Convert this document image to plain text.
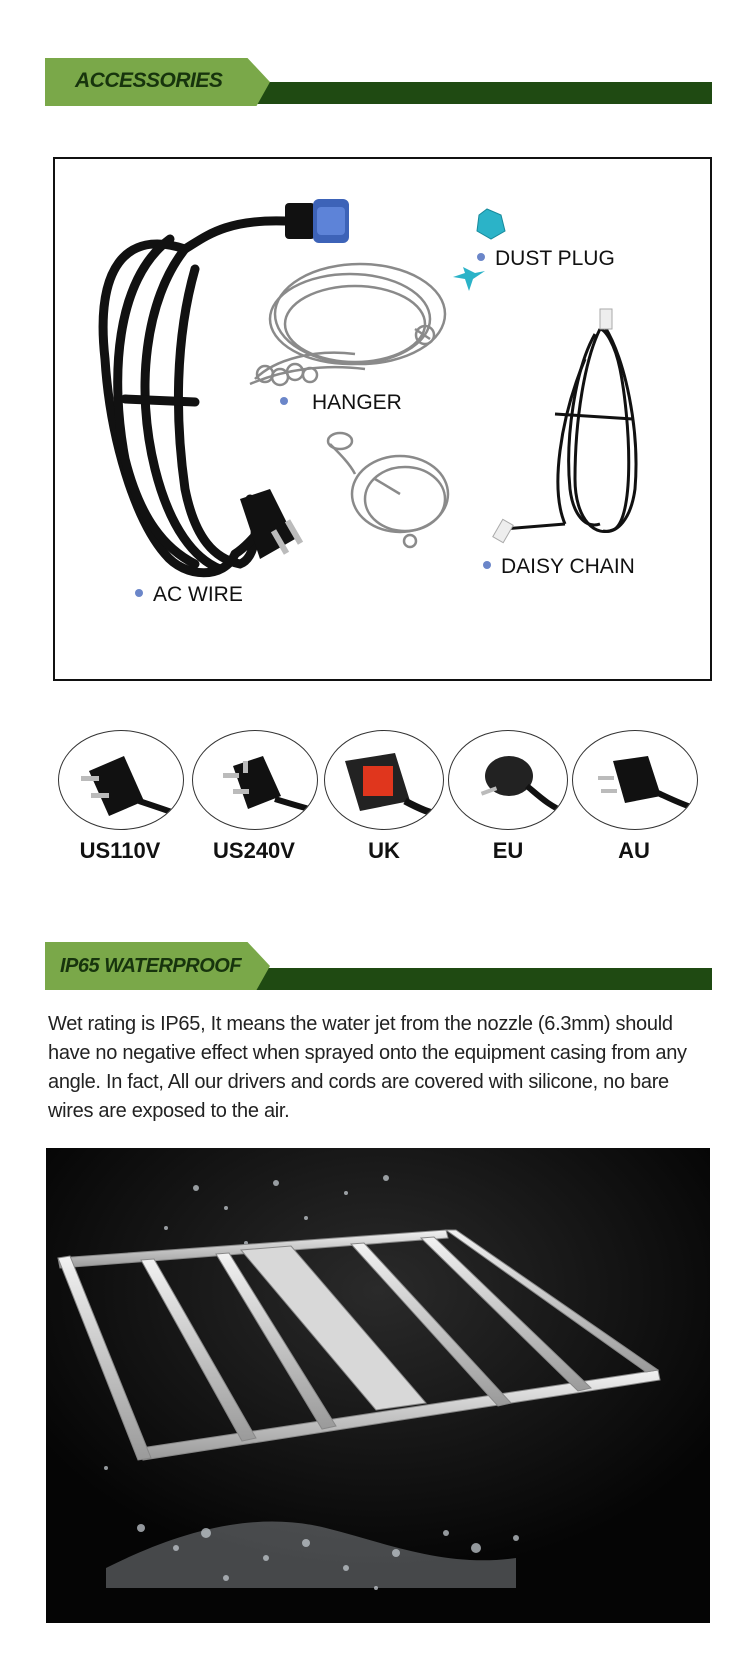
ACCESSORIES
DUST PLUG
HANGER
DAISY CHAIN
AC WIRE
US110V	US240V	UK	EU	AU
IP65 WATERPROOF
Wet rating is IP65, It means the water jet from the nozzle (6.3mm) should have no negative effect when sprayed onto the equipment casing from any angle. In fact, All our drivers and cords are covered with silicone, no bare wires are exposed to the air.
